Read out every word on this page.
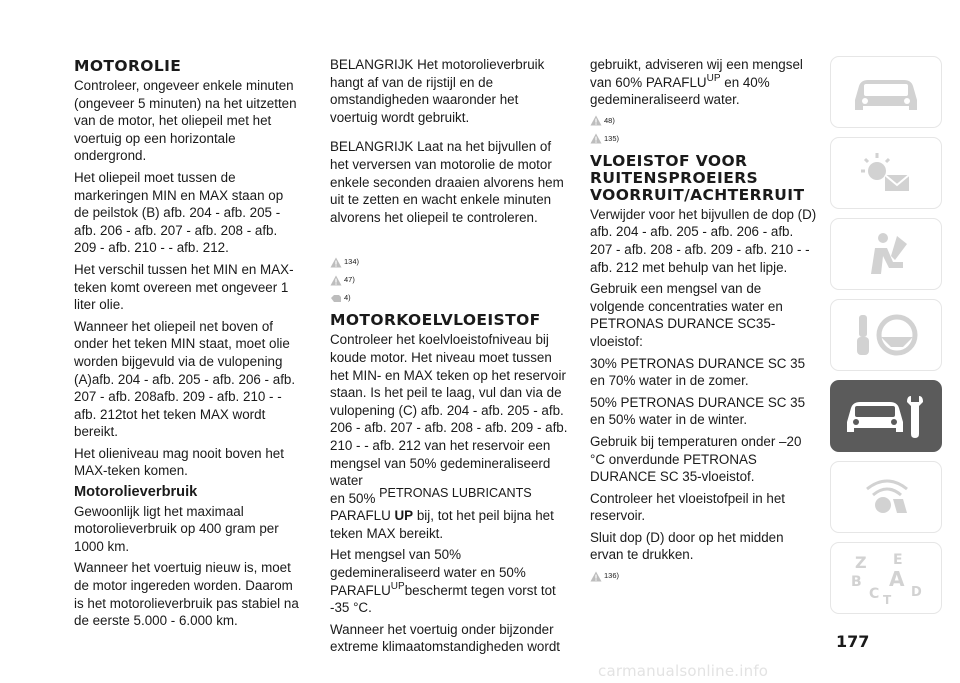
MOTOROLIE

Controleer, ongeveer enkele minuten (ongeveer 5 minuten) na het uitzetten van de motor, het oliepeil met het voertuig op een horizontale ondergrond.

Het oliepeil moet tussen de markeringen MIN en MAX staan op de peilstok (B) afb. 204 - afb. 205 - afb. 206 - afb. 207 - afb. 208 - afb. 209 - afb. 210 - - afb. 212.

Het verschil tussen het MIN en MAX-teken komt overeen met ongeveer 1 liter olie.

Wanneer het oliepeil net boven of onder het teken MIN staat, moet olie worden bijgevuld via de vulopening (A)afb. 204 - afb. 205 - afb. 206 - afb. 207 - afb. 208afb. 209 - afb. 210 - - afb. 212tot het teken MAX wordt bereikt.

Het olieniveau mag nooit boven het MAX-teken komen.

Motorolieverbruik

Gewoonlijk ligt het maximaal motorolieverbruik op 400 gram per 1000 km.

Wanneer het voertuig nieuw is, moet de motor ingereden worden. Daarom is het motorolieverbruik pas stabiel na de eerste 5.000 - 6.000 km.

BELANGRIJK Het motorolieverbruik hangt af van de rijstijl en de omstandigheden waaronder het voertuig wordt gebruikt.

BELANGRIJK Laat na het bijvullen of het verversen van motorolie de motor enkele seconden draaien alvorens hem uit te zetten en wacht enkele minuten alvorens het oliepeil te controleren.

134)
47)
4)
MOTORKOELVLOEISTOF

Controleer het koelvloeistofniveau bij koude motor. Het niveau moet tussen het MIN- en MAX teken op het reservoir staan. Is het peil te laag, vul dan via de vulopening (C) afb. 204 - afb. 205 - afb. 206 - afb. 207 - afb. 208 - afb. 209 - afb. 210 - - afb. 212 van het reservoir een mengsel van 50% gedemineraliseerd water

en 50% PETRONAS LUBRICANTS

PARAFLU UP bij, tot het peil bijna het teken MAX bereikt.

Het mengsel van 50% gedemineraliseerd water en 50% $PARAFLU^{UP}beschermt$ tegen vorst tot -35 °C.

Wanneer het voertuig onder bijzonder extreme klimaatomstandigheden wordt

gebruikt, adviseren wij een mengsel van 60% $PARAFLU^{UP}$ en 40% gedemineraliseerd water.

48)
135)
VLOEISTOF VOOR RUITENSPROEIERS VOORRUIT/ACHTERRUIT

Verwijder voor het bijvullen de dop (D) afb. 204 - afb. 205 - afb. 206 - afb. 207 - afb. 208 - afb. 209 - afb. 210 - - afb. 212 met behulp van het lipje.

Gebruik een mengsel van de volgende concentraties water en PETRONAS DURANCE SC35-vloeistof:

30% PETRONAS DURANCE SC 35 en 70% water in de zomer.

50% PETRONAS DURANCE SC 35 en 50% water in de winter.

Gebruik bij temperaturen onder –20 °C onverdunde PETRONAS DURANCE SC 35-vloeistof.

Controleer het vloeistofpeil in het reservoir.

Sluit dop (D) door op het midden ervan te drukken.

136)
Z E
B A
C D
T
177
carmanualsonline.info
